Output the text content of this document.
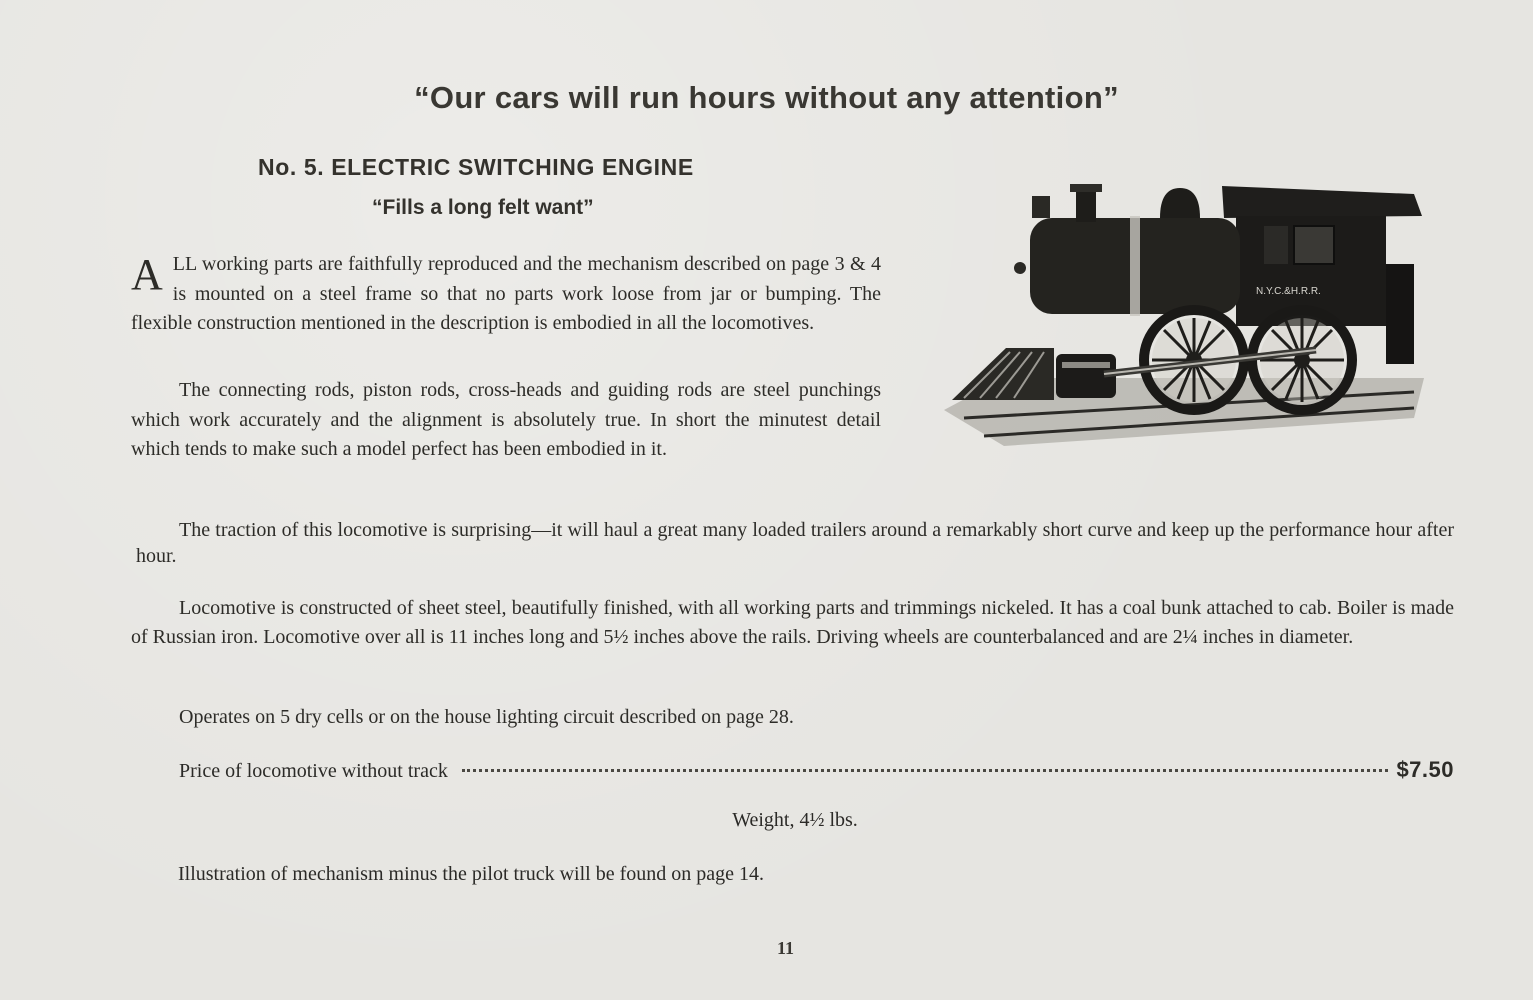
“Our cars will run hours without any attention”
No. 5. ELECTRIC SWITCHING ENGINE
“Fills a long felt want”
ALL working parts are faithfully reproduced and the mechanism described on page 3 & 4 is mounted on a steel frame so that no parts work loose from jar or bumping. The flexible construction mentioned in the description is embodied in all the locomotives.
The connecting rods, piston rods, cross-heads and guiding rods are steel punchings which work accurately and the alignment is absolutely true. In short the minutest detail which tends to make such a model perfect has been embodied in it.
N.Y.C.&H.R.R.
The traction of this locomotive is surprising—it will haul a great many loaded trailers around a remarkably short curve and keep up the performance hour after hour.
Locomotive is constructed of sheet steel, beautifully finished, with all working parts and trimmings nickeled. It has a coal bunk attached to cab. Boiler is made of Russian iron. Locomotive over all is 11 inches long and 5½ inches above the rails. Driving wheels are counterbalanced and are 2¼ inches in diameter.
Operates on 5 dry cells or on the house lighting circuit described on page 28.
Price of locomotive without track	$7.50
Weight, 4½ lbs.
Illustration of mechanism minus the pilot truck will be found on page 14.
11
